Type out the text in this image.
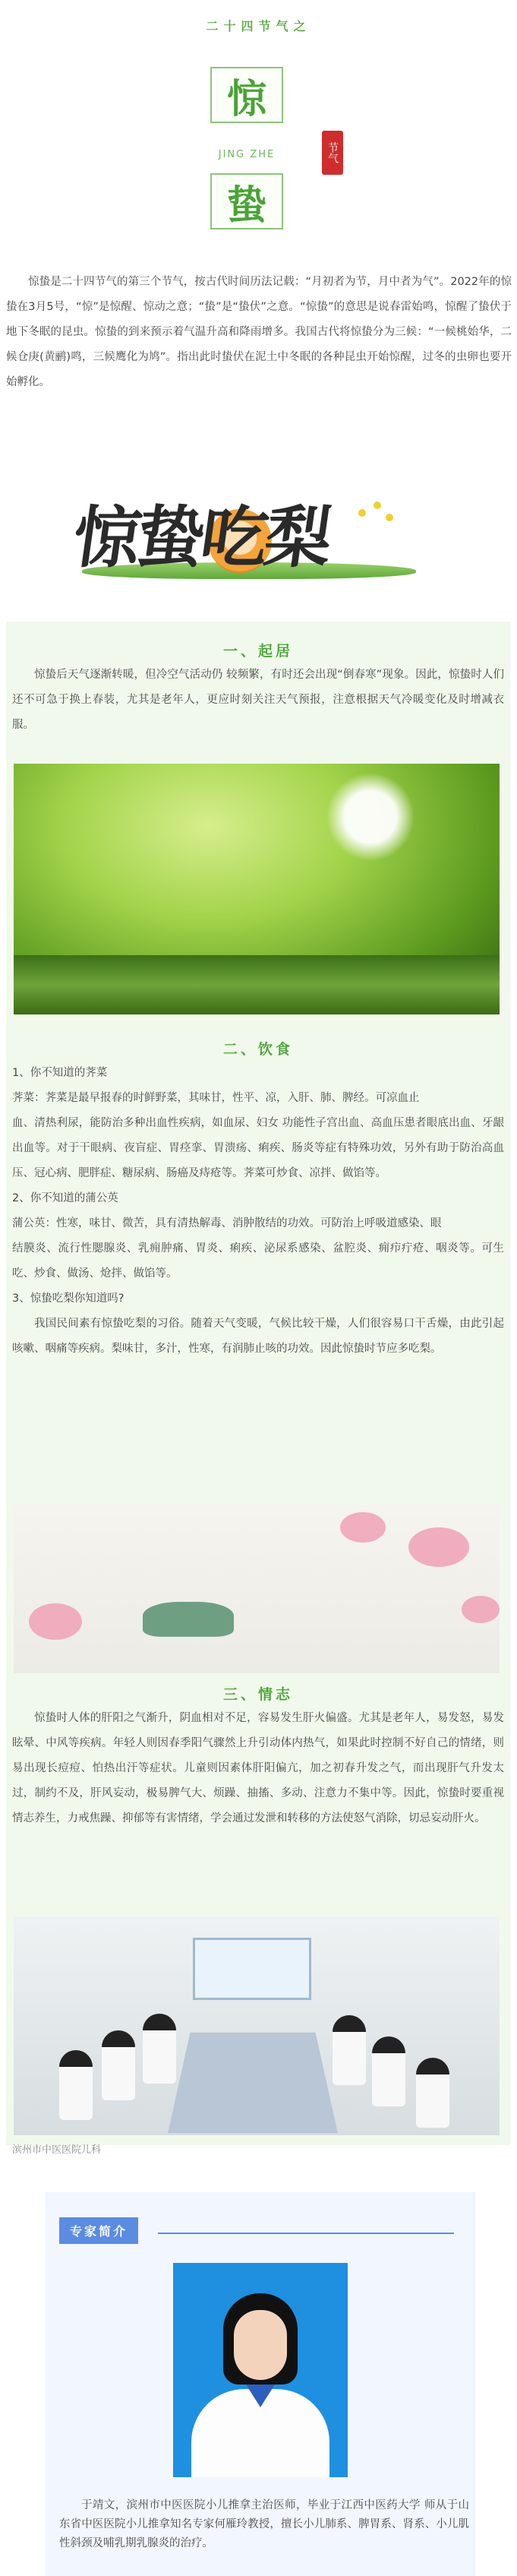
二十四节气之
惊
JING ZHE	节气
蛰
惊蛰是二十四节气的第三个节气，按古代时间历法记载：“月初者为节，月中者为气”。2022年的惊蛰在3月5号，“惊”是惊醒、惊动之意；“蛰”是“蛰伏”之意。“惊蛰”的意思是说春雷始鸣，惊醒了蛰伏于地下冬眠的昆虫。惊蛰的到来预示着气温升高和降雨增多。我国古代将惊蛰分为三候：“一候桃始华，二候仓庚(黄鹂)鸣，三候鹰化为鸠”。指出此时蛰伏在泥土中冬眠的各种昆虫开始惊醒，过冬的虫卵也要开始孵化。
惊蛰吃梨
一、起居
惊蛰后天气逐渐转暖，但冷空气活动仍 较频繁，有时还会出现“倒春寒”现象。因此，惊蛰时人们还不可急于换上春装，尤其是老年人，更应时刻关注天气预报，注意根据天气冷暖变化及时增减衣服。
二、饮食
1、你不知道的荠菜
荠菜：荠菜是最早报春的时鲜野菜，其味甘，性平、凉，入肝、肺、脾经。可凉血止
血、清热利尿，能防治多种出血性疾病，如血尿、妇女 功能性子宫出血、高血压患者眼底出血、牙龈出血等。对于干眼病、夜盲症、胃痉挛、胃溃疡、痢疾、肠炎等症有特殊功效，另外有助于防治高血压、冠心病、肥胖症、糖尿病、肠癌及痔疮等。荠菜可炒食、凉拌、做馅等。
2、你不知道的蒲公英
蒲公英：性寒，味甘、微苦，具有清热解毒、消肿散结的功效。可防治上呼吸道感染、眼
结膜炎、流行性腮腺炎、乳痈肿痛、胃炎、痢疾、泌尿系感染、盆腔炎、痈疖疔疮、咽炎等。可生吃、炒食、做汤、炝拌、做馅等。
3、惊蛰吃梨你知道吗?
我国民间素有惊蛰吃梨的习俗。随着天气变暖，气候比较干燥，人们很容易口干舌燥，由此引起咳嗽、咽痛等疾病。梨味甘，多汁，性寒，有润肺止咳的功效。因此惊蛰时节应多吃梨。
三、情志
惊蛰时人体的肝阳之气渐升，阴血相对不足，容易发生肝火偏盛。尤其是老年人，易发怒，易发眩晕、中风等疾病。年轻人则因春季阳气骤然上升引动体内热气，如果此时控制不好自己的情绪，则易出现长痘痘、怕热出汗等症状。儿童则因素体肝阳偏亢，加之初春升发之气，而出现肝气升发太过，制约不及，肝风妄动，极易脾气大、烦躁、抽搐、多动、注意力不集中等。因此，惊蛰时要重视情志养生，力戒焦躁、抑郁等有害情绪，学会通过发泄和转移的方法使怒气消除，切忌妄动肝火。
滨州市中医医院儿科
专家简介
于靖文，滨州市中医医院小儿推拿主治医师，毕业于江西中医药大学 师从于山东省中医医院小儿推拿知名专家何雁玲教授，擅长小儿肺系、脾胃系、肾系、小儿肌性斜颈及哺乳期乳腺炎的治疗。
